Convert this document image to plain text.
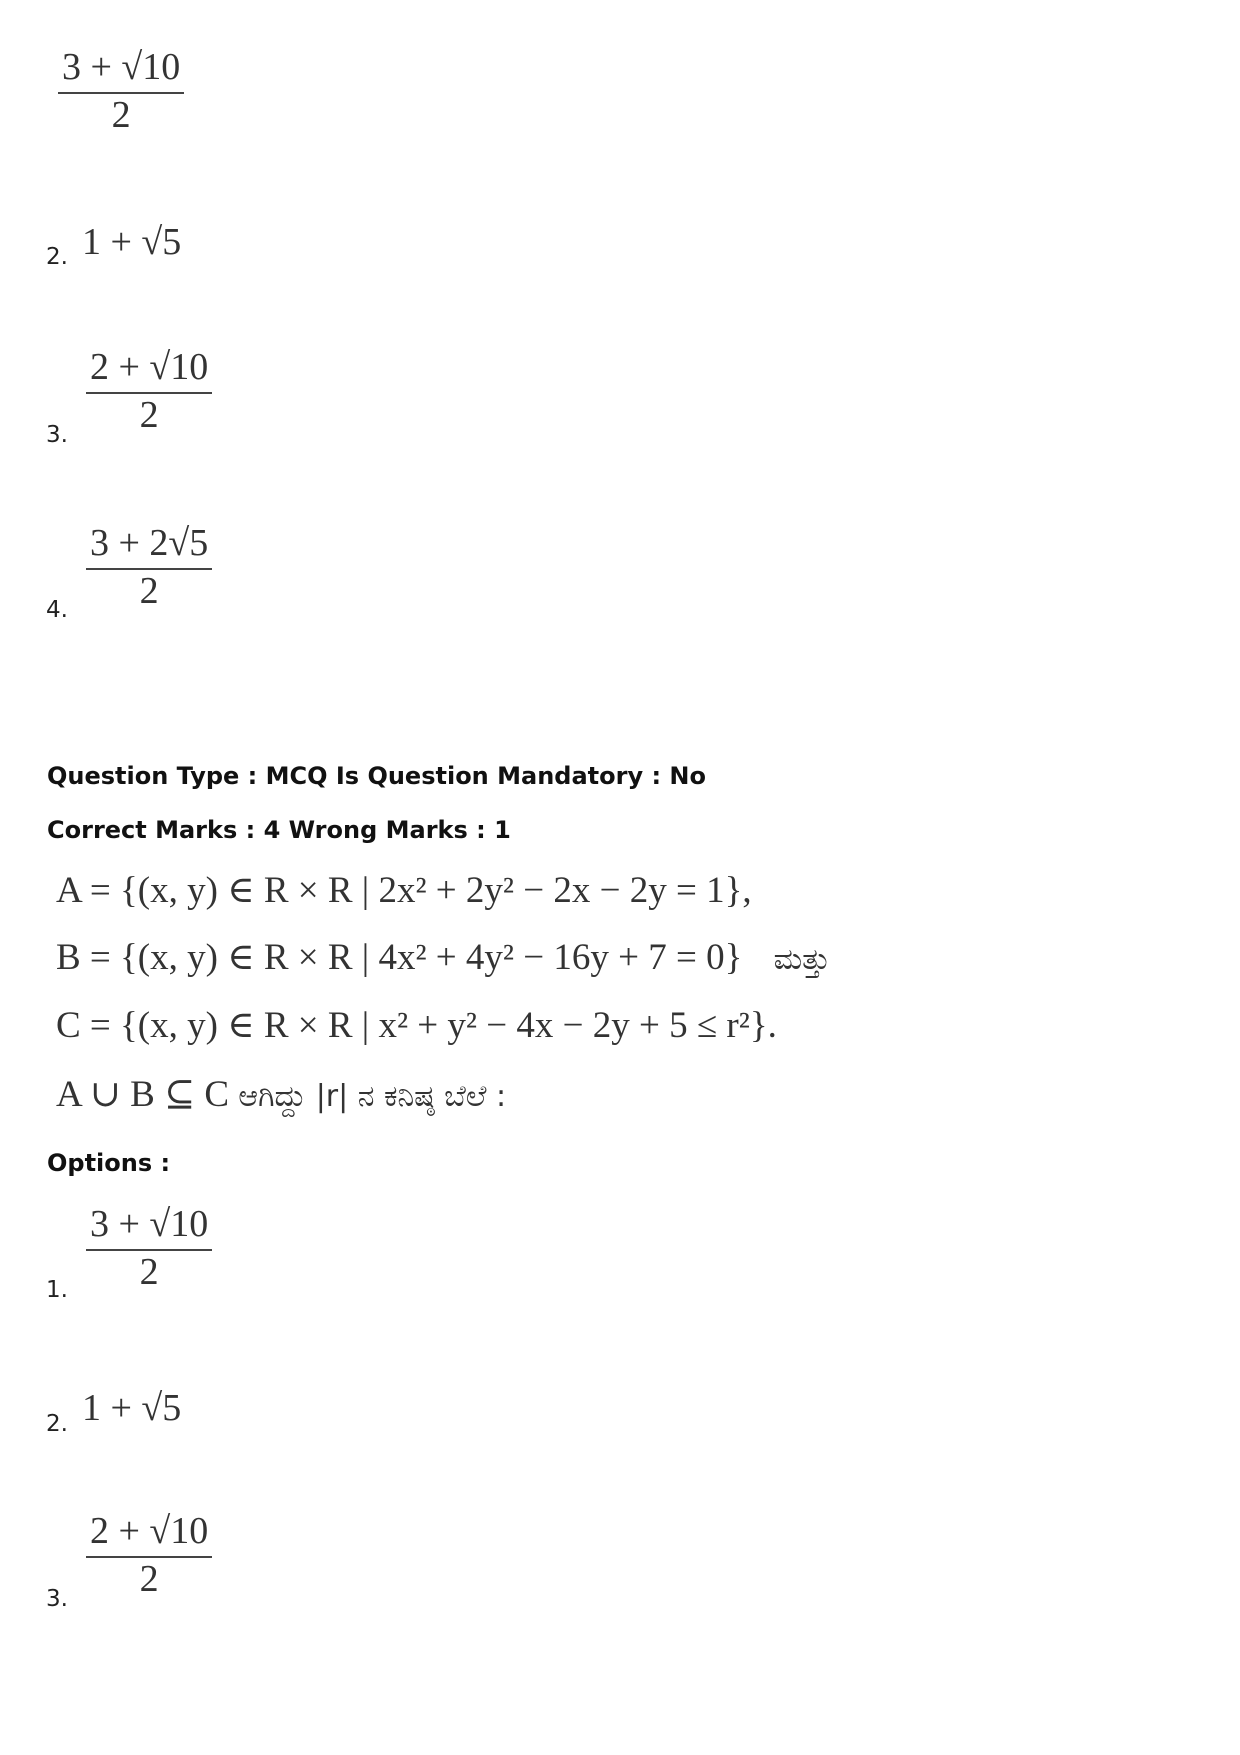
$\frac{3 + √10}{2}$
2. 1 + √5
3. $\frac{2 + √10}{2}$
4. $\frac{3 + 2√5}{2}$
Question Type : MCQ Is Question Mandatory : No
Correct Marks : 4 Wrong Marks : 1
A = {(x, y) ∈ R × R | 2x² + 2y² − 2x − 2y = 1},
B = {(x, y) ∈ R × R | 4x² + 4y² − 16y + 7 = 0} ಮತ್ತು
C = {(x, y) ∈ R × R | x² + y² − 4x − 2y + 5 ≤ r²}.
A ∪ B ⊆ C ಆಗಿದ್ದು |r| ನ ಕನಿಷ್ಠ ಬೆಲೆ :
Options :
1. $\frac{3 + √10}{2}$
2. 1 + √5
3. $\frac{2 + √10}{2}$
